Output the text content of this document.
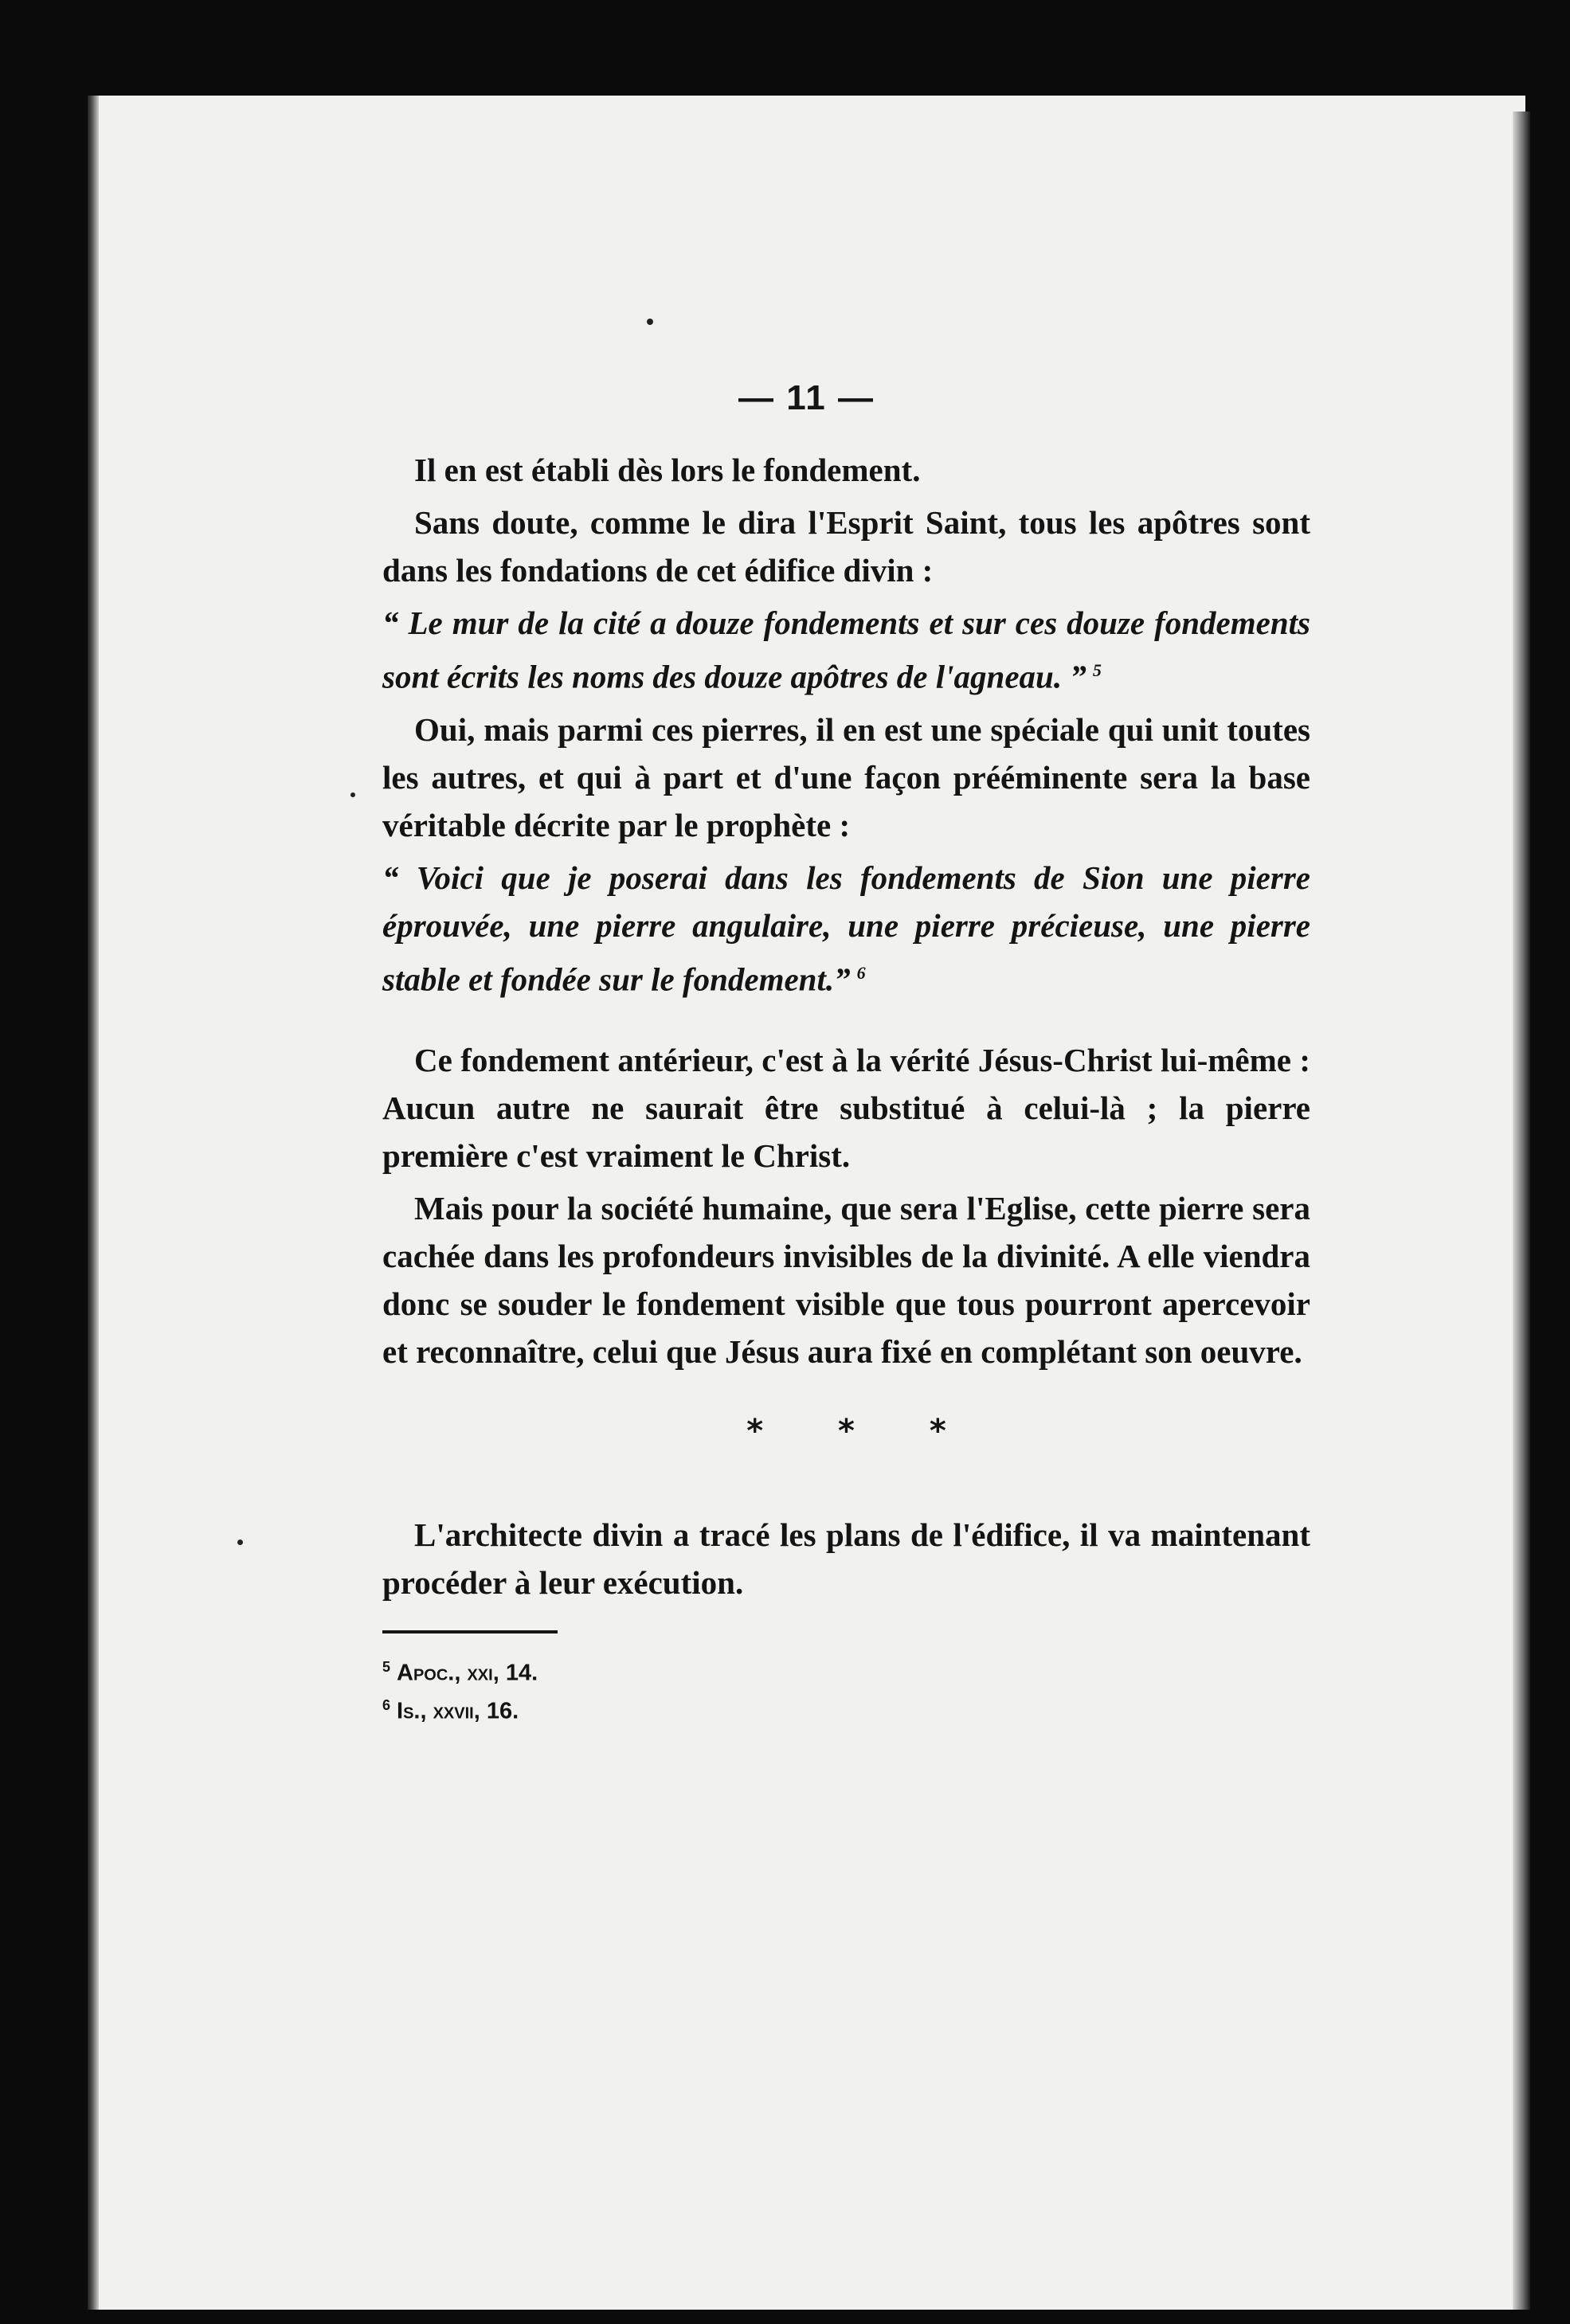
— 11 —

Il en est établi dès lors le fondement.

Sans doute, comme le dira l'Esprit Saint, tous les apôtres sont dans les fondations de cet édifice divin :

“ Le mur de la cité a douze fondements et sur ces douze fondements sont écrits les noms des douze apôtres de l'agneau. ” $^5$

Oui, mais parmi ces pierres, il en est une spéciale qui unit toutes les autres, et qui à part et d'une façon prééminente sera la base véritable décrite par le prophète :

“ Voici que je poserai dans les fondements de Sion une pierre éprouvée, une pierre angulaire, une pierre précieuse, une pierre stable et fondée sur le fondement.” $^6$

Ce fondement antérieur, c'est à la vérité Jésus-Christ lui-même : Aucun autre ne saurait être substitué à celui-là ; la pierre première c'est vraiment le Christ.

Mais pour la société humaine, que sera l'Eglise, cette pierre sera cachée dans les profondeurs invisibles de la divinité. A elle viendra donc se souder le fondement visible que tous pourront apercevoir et reconnaître, celui que Jésus aura fixé en complétant son oeuvre.

* * *

L'architecte divin a tracé les plans de l'édifice, il va maintenant procéder à leur exécution.

$^5$ Apoc., xxi, 14.
$^6$ Is., xxvii, 16.
